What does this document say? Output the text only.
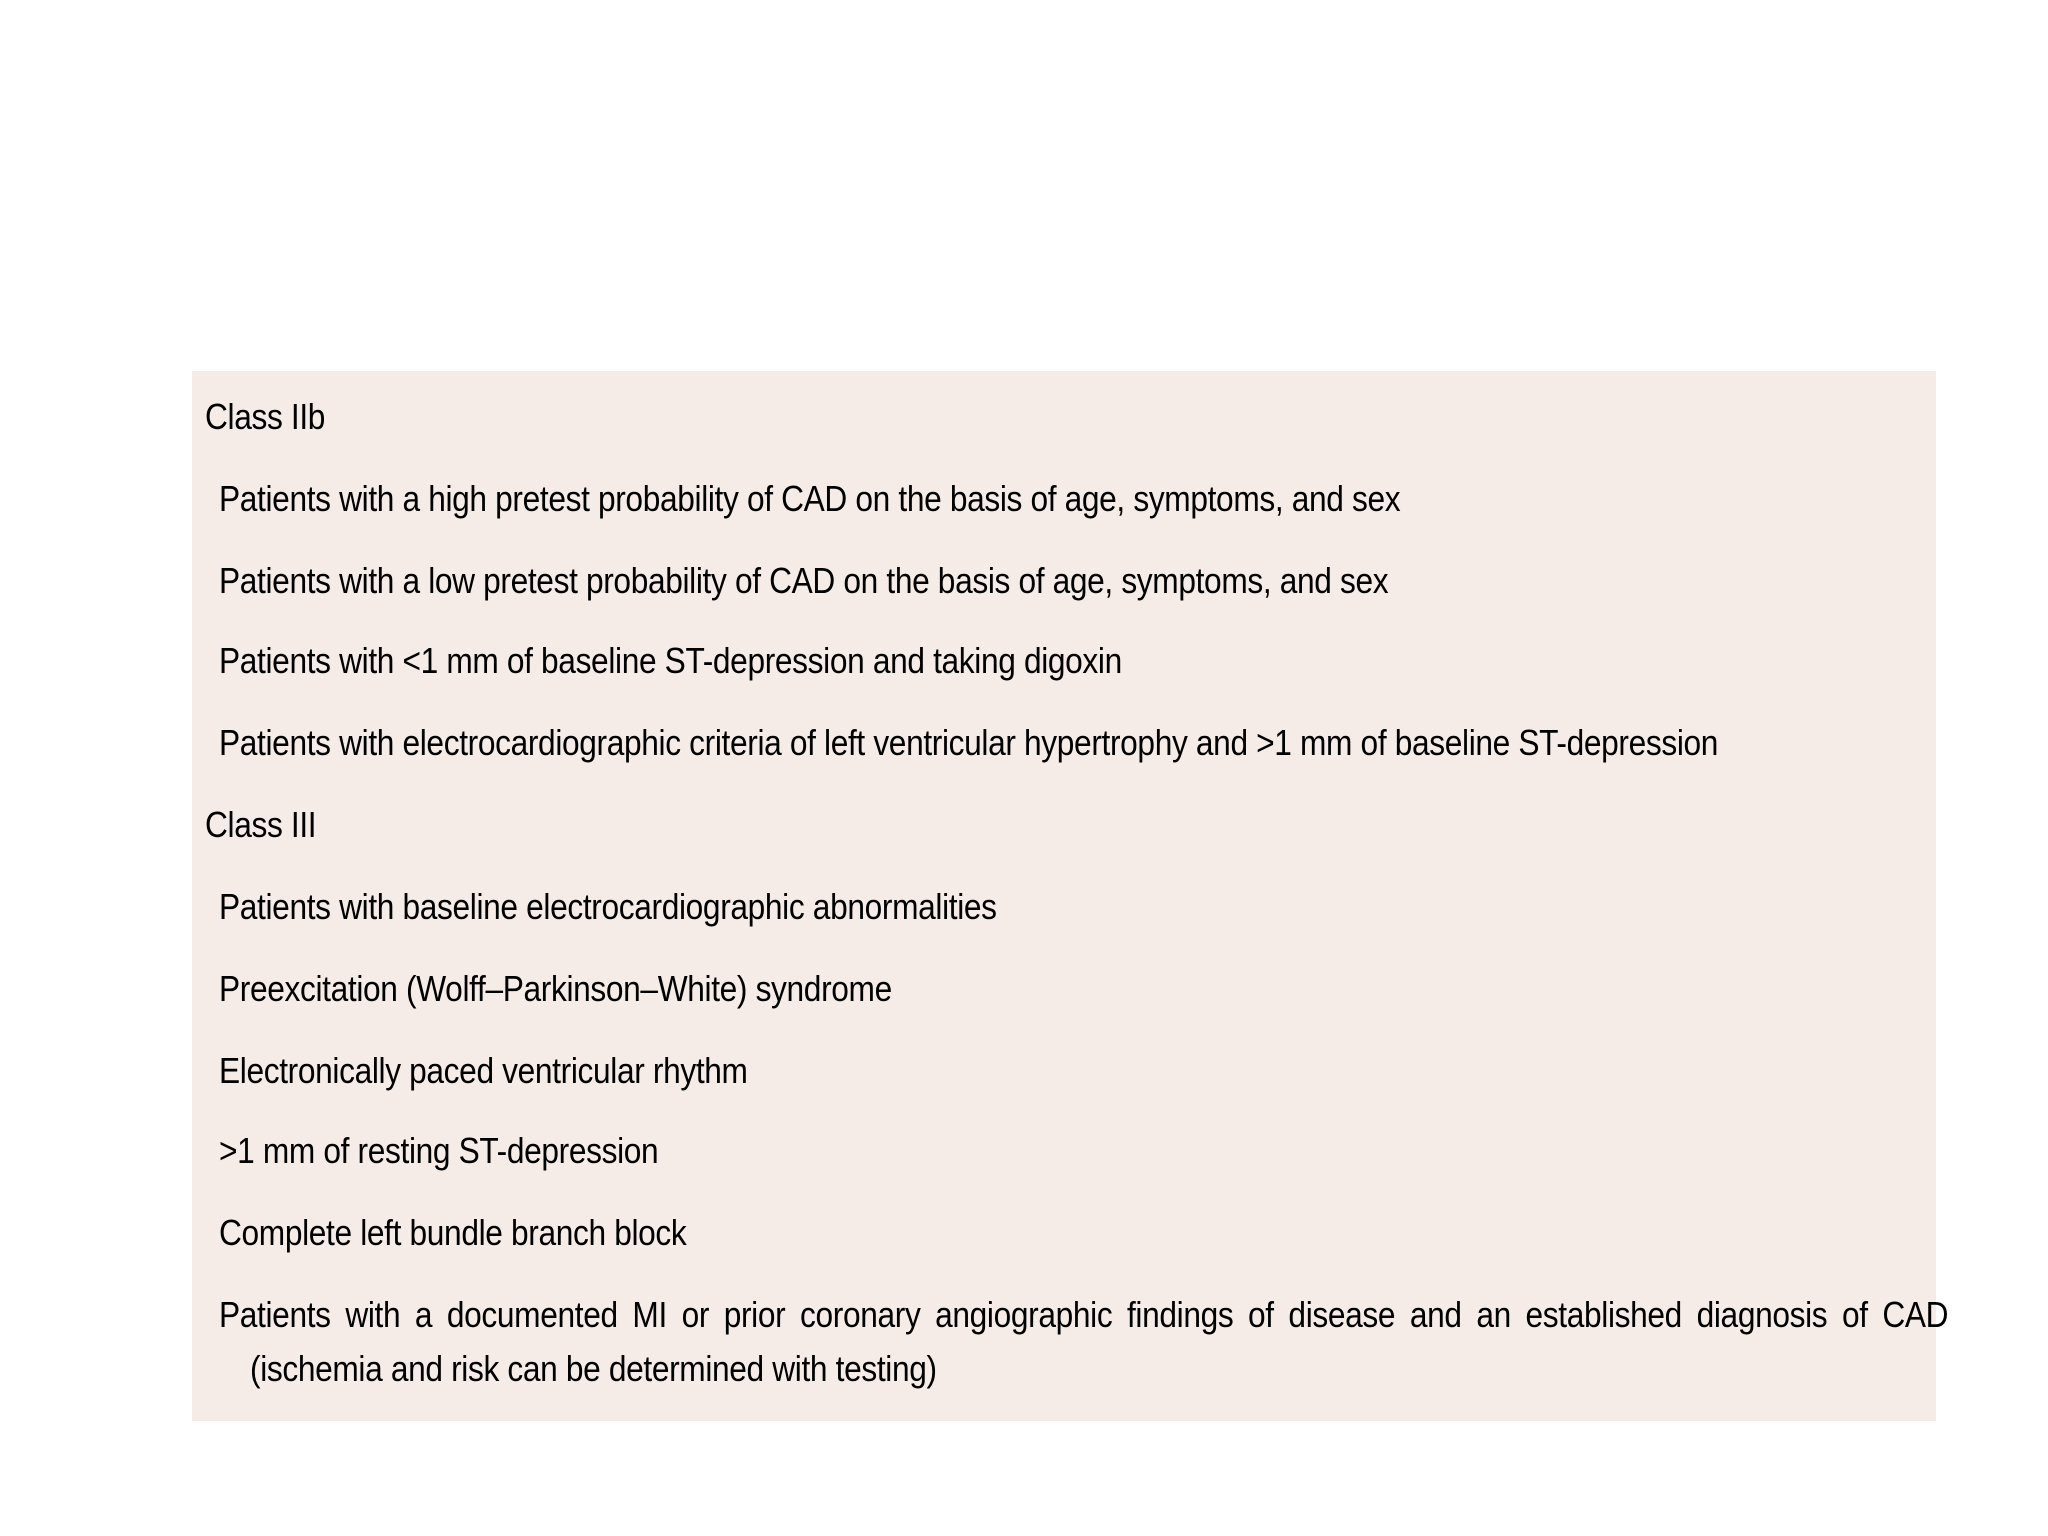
Class IIb
Patients with a high pretest probability of CAD on the basis of age, symptoms, and sex
Patients with a low pretest probability of CAD on the basis of age, symptoms, and sex
Patients with <1 mm of baseline ST-depression and taking digoxin
Patients with electrocardiographic criteria of left ventricular hypertrophy and >1 mm of baseline ST-depression
Class III
Patients with baseline electrocardiographic abnormalities
Preexcitation (Wolff–Parkinson–White) syndrome
Electronically paced ventricular rhythm
>1 mm of resting ST-depression
Complete left bundle branch block
Patients with a documented MI or prior coronary angiographic findings of disease and an established diagnosis of CAD
(ischemia and risk can be determined with testing)
